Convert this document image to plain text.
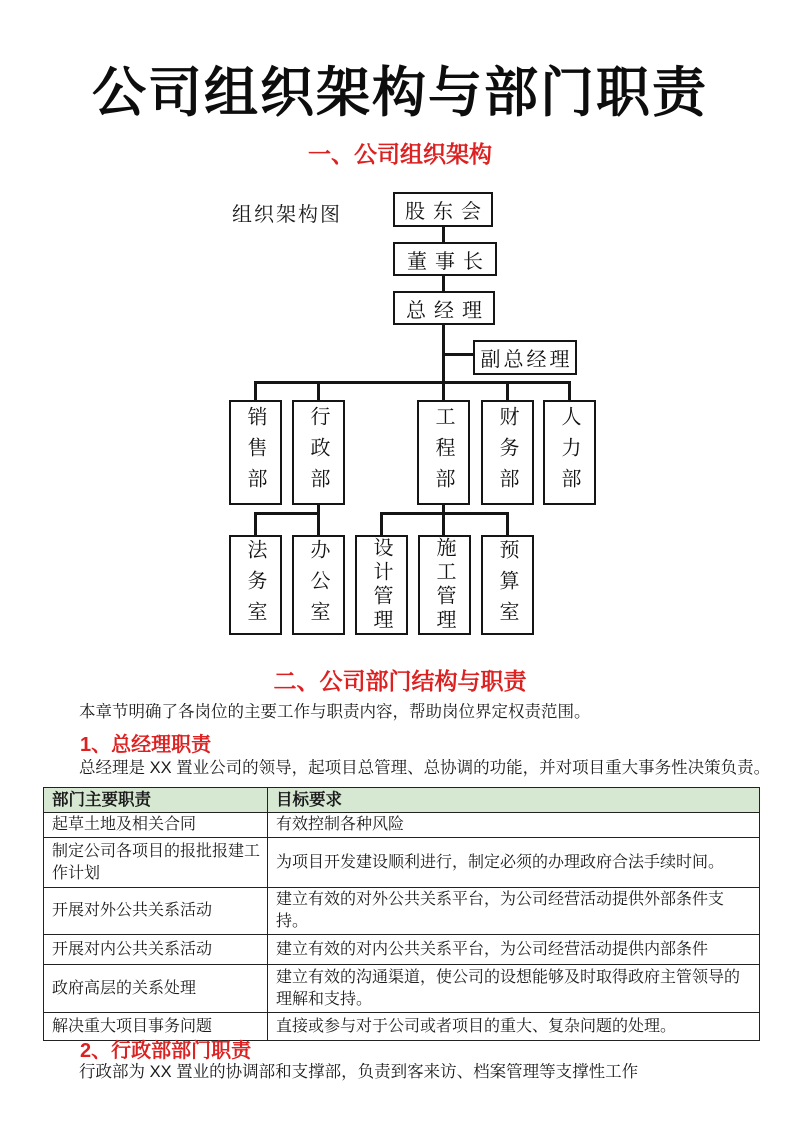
公司组织架构与部门职责
一、公司组织架构
组织架构图	股东会
董事长
总经理
副总经理
销售部	行政部	工程部	财务部	人力部
法务室	办公室	设计管理	施工管理	预算室
二、公司部门结构与职责
本章节明确了各岗位的主要工作与职责内容，帮助岗位界定权责范围。
1、总经理职责
总经理是 XX 置业公司的领导，起项目总管理、总协调的功能，并对项目重大事务性决策负责。
部门主要职责	目标要求
起草土地及相关合同	有效控制各种风险
制定公司各项目的报批报建工作计划	为项目开发建设顺利进行，制定必须的办理政府合法手续时间。
开展对外公共关系活动	建立有效的对外公共关系平台，为公司经营活动提供外部条件支持。
开展对内公共关系活动	建立有效的对内公共关系平台，为公司经营活动提供内部条件
政府高层的关系处理	建立有效的沟通渠道，使公司的设想能够及时取得政府主管领导的理解和支持。
解决重大项目事务问题	直接或参与对于公司或者项目的重大、复杂问题的处理。
2、行政部部门职责
行政部为 XX 置业的协调部和支撑部，负责到客来访、档案管理等支撑性工作
